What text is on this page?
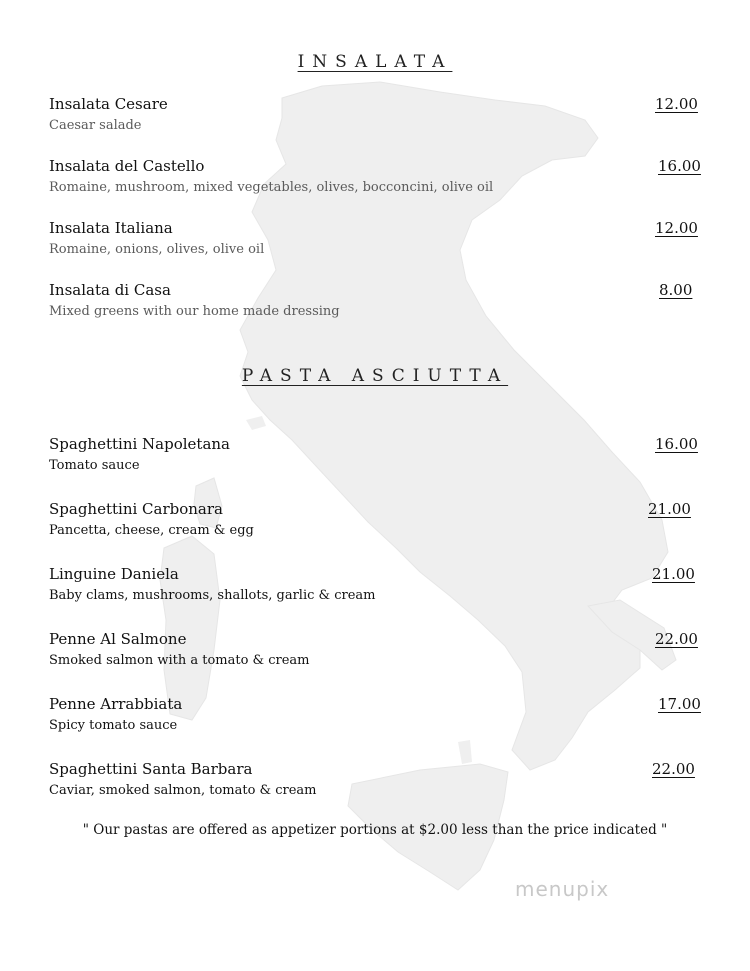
INSALATA
Insalata Cesare
Caesar salade
12.00
Insalata del Castello
Romaine, mushroom, mixed vegetables, olives, bocconcini, olive oil
16.00
Insalata Italiana
Romaine, onions, olives, olive oil
12.00
Insalata di Casa
Mixed greens with our home made dressing
8.00
PASTA ASCIUTTA
Spaghettini Napoletana
Tomato sauce
16.00
Spaghettini Carbonara
Pancetta, cheese, cream & egg
21.00
Linguine Daniela
Baby clams, mushrooms, shallots, garlic & cream
21.00
Penne Al Salmone
Smoked salmon with a tomato & cream
22.00
Penne Arrabbiata
Spicy tomato sauce
17.00
Spaghettini Santa Barbara
Caviar, smoked salmon, tomato & cream
22.00
" Our pastas are offered as appetizer portions at $2.00 less than the price indicated "
menupix
